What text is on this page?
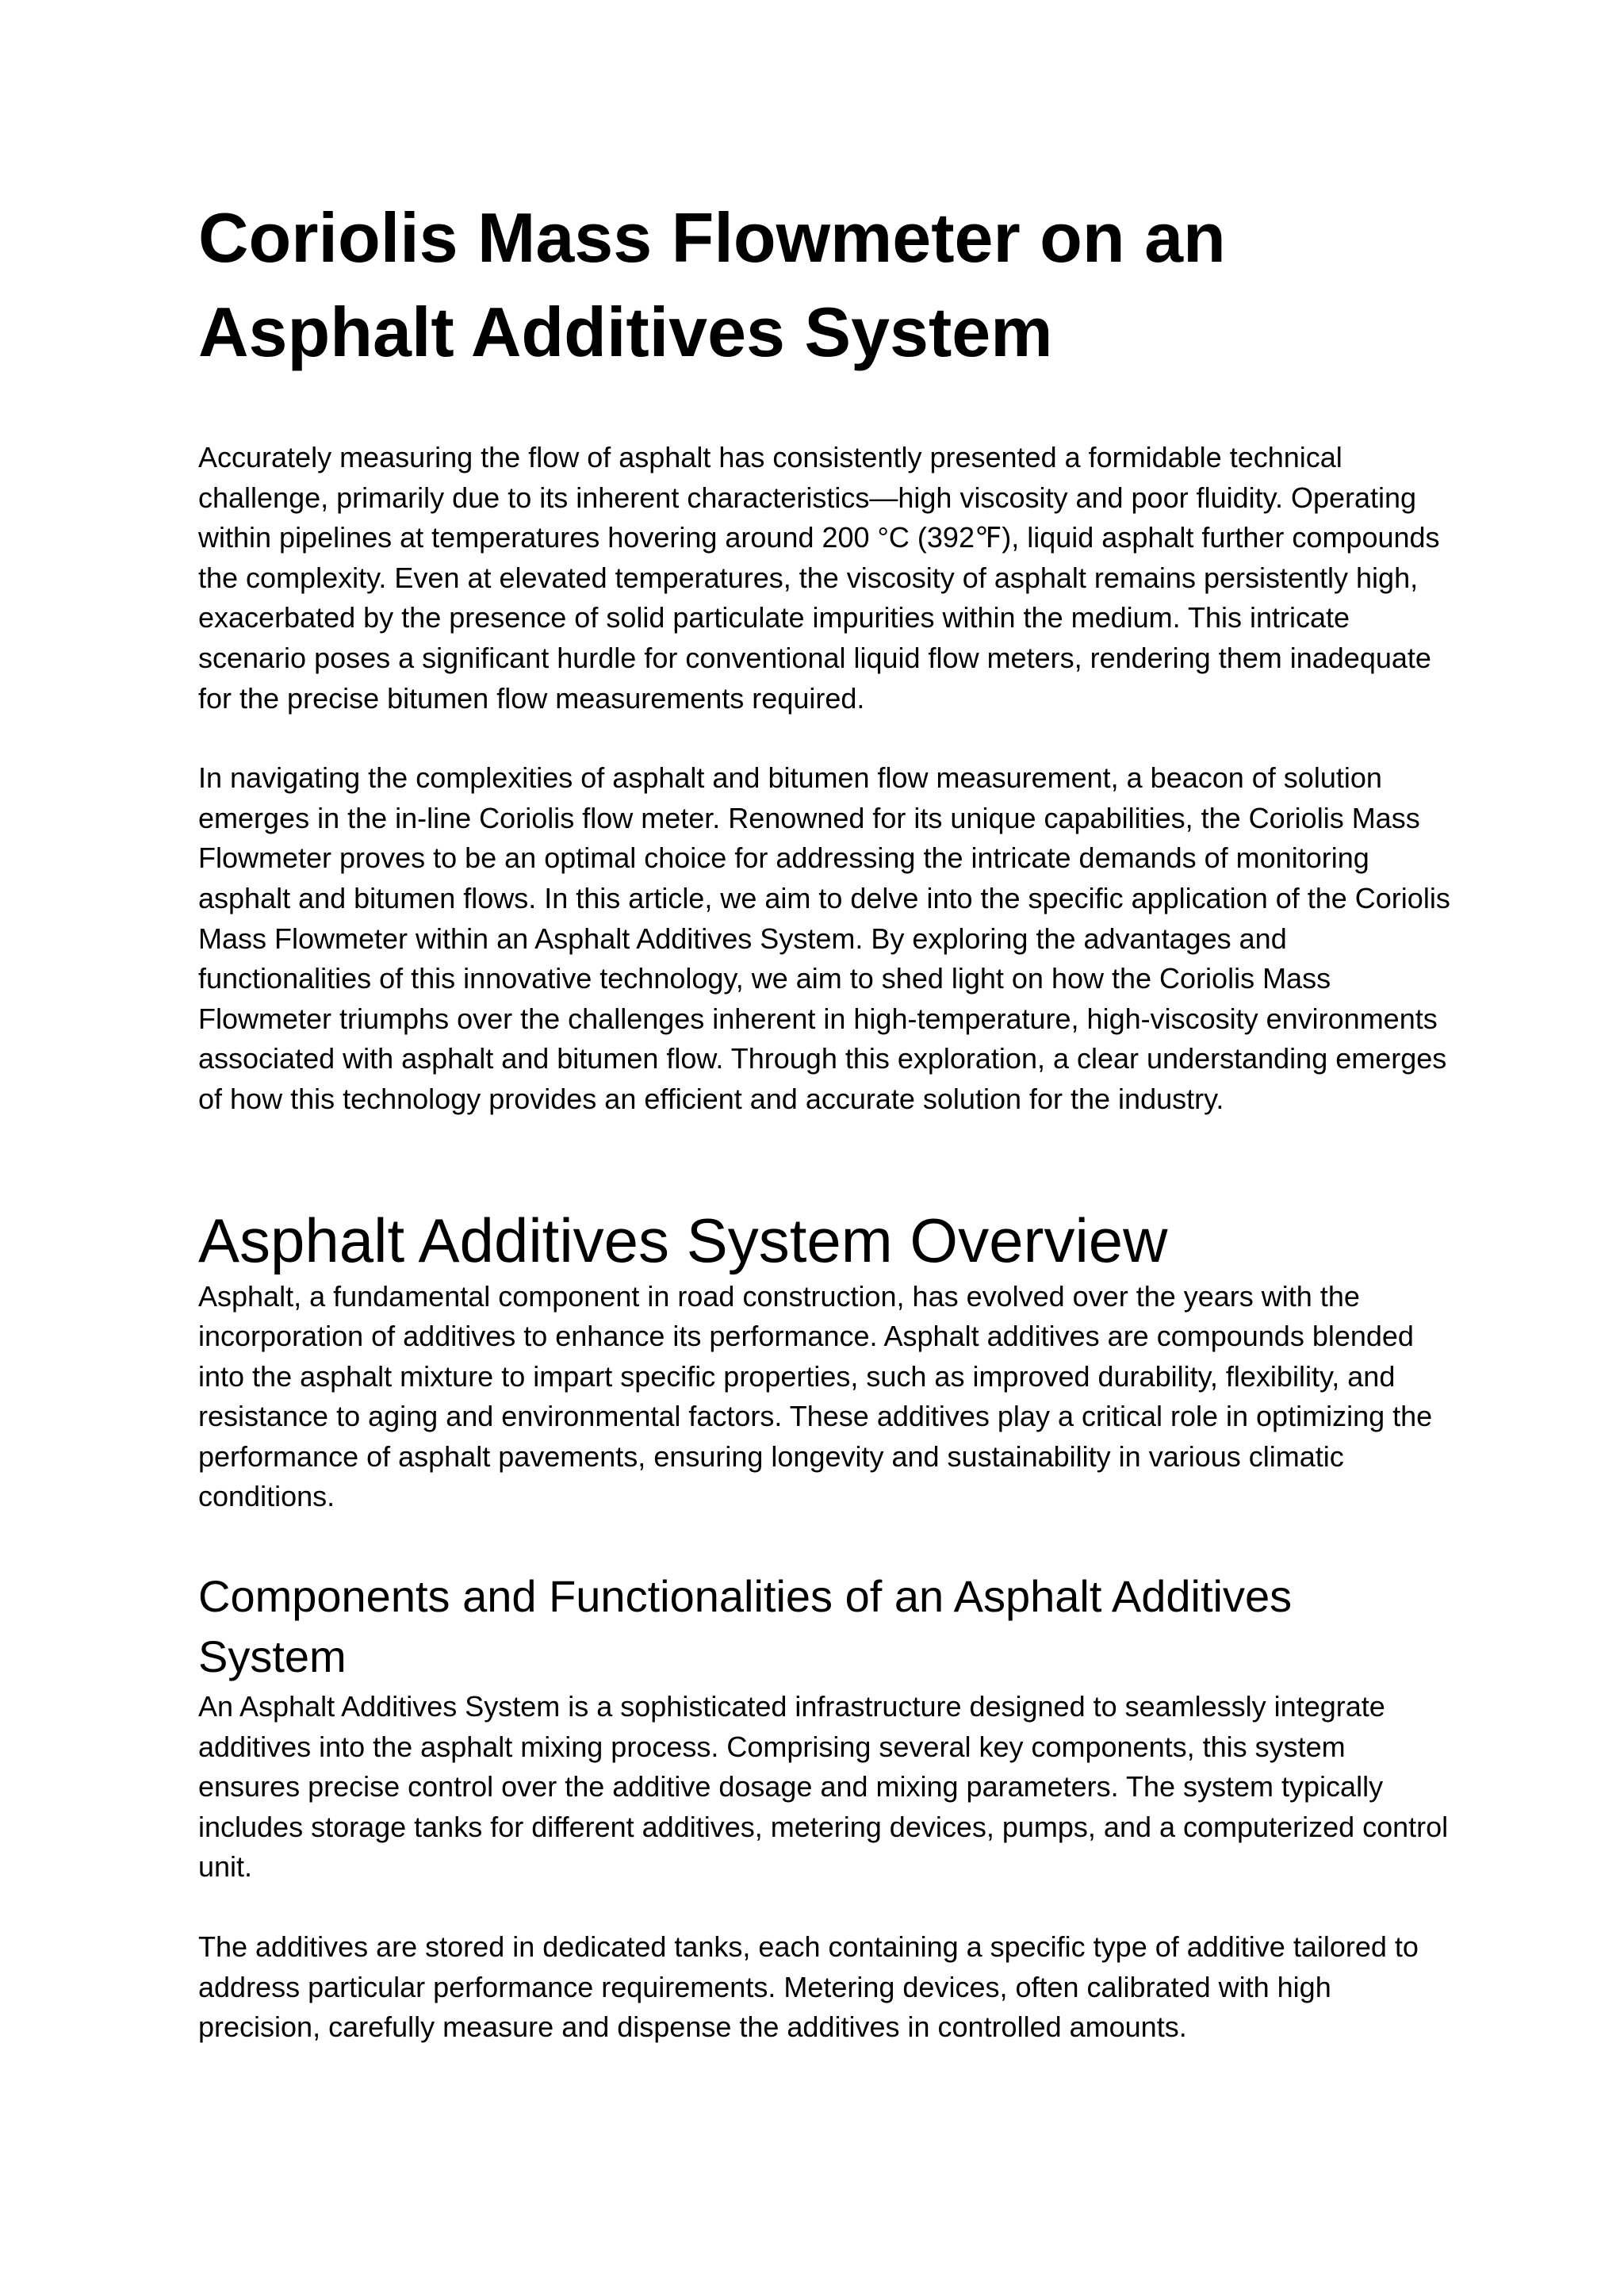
Coriolis Mass Flowmeter on an Asphalt Additives System

Accurately measuring the flow of asphalt has consistently presented a formidable technical challenge, primarily due to its inherent characteristics—high viscosity and poor fluidity. Operating within pipelines at temperatures hovering around 200 °C (392℉), liquid asphalt further compounds the complexity. Even at elevated temperatures, the viscosity of asphalt remains persistently high, exacerbated by the presence of solid particulate impurities within the medium. This intricate scenario poses a significant hurdle for conventional liquid flow meters, rendering them inadequate for the precise bitumen flow measurements required.

In navigating the complexities of asphalt and bitumen flow measurement, a beacon of solution emerges in the in-line Coriolis flow meter. Renowned for its unique capabilities, the Coriolis Mass Flowmeter proves to be an optimal choice for addressing the intricate demands of monitoring asphalt and bitumen flows. In this article, we aim to delve into the specific application of the Coriolis Mass Flowmeter within an Asphalt Additives System. By exploring the advantages and functionalities of this innovative technology, we aim to shed light on how the Coriolis Mass Flowmeter triumphs over the challenges inherent in high-temperature, high-viscosity environments associated with asphalt and bitumen flow. Through this exploration, a clear understanding emerges of how this technology provides an efficient and accurate solution for the industry.

Asphalt Additives System Overview

Asphalt, a fundamental component in road construction, has evolved over the years with the incorporation of additives to enhance its performance. Asphalt additives are compounds blended into the asphalt mixture to impart specific properties, such as improved durability, flexibility, and resistance to aging and environmental factors. These additives play a critical role in optimizing the performance of asphalt pavements, ensuring longevity and sustainability in various climatic conditions.

Components and Functionalities of an Asphalt Additives System

An Asphalt Additives System is a sophisticated infrastructure designed to seamlessly integrate additives into the asphalt mixing process. Comprising several key components, this system ensures precise control over the additive dosage and mixing parameters. The system typically includes storage tanks for different additives, metering devices, pumps, and a computerized control unit.

The additives are stored in dedicated tanks, each containing a specific type of additive tailored to address particular performance requirements. Metering devices, often calibrated with high precision, carefully measure and dispense the additives in controlled amounts.
